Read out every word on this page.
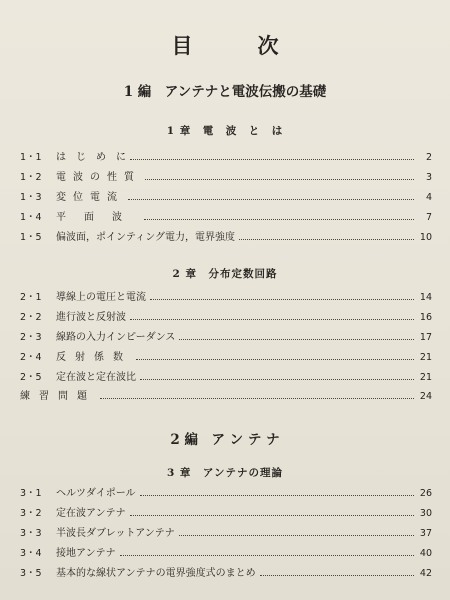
目　次
1 編　アンテナと電波伝搬の基礎
1 章　電　波　と　は
1・1	は　じ　め　に	2
1・2	電波の性質	3
1・3	変位電流	4
1・4	平面波	7
1・5	偏波面，ポインティング電力，電界強度	10
2 章　分布定数回路
2・1	導線上の電圧と電流	14
2・2	進行波と反射波	16
2・3	線路の入力インピーダンス	17
2・4	反射係数	21
2・5	定在波と定在波比	21
練習問題	24
2 編　ア ン テ ナ
3 章　アンテナの理論
3・1	ヘルツダイポール	26
3・2	定在波アンテナ	30
3・3	半波長ダブレットアンテナ	37
3・4	接地アンテナ	40
3・5	基本的な線状アンテナの電界強度式のまとめ	42
